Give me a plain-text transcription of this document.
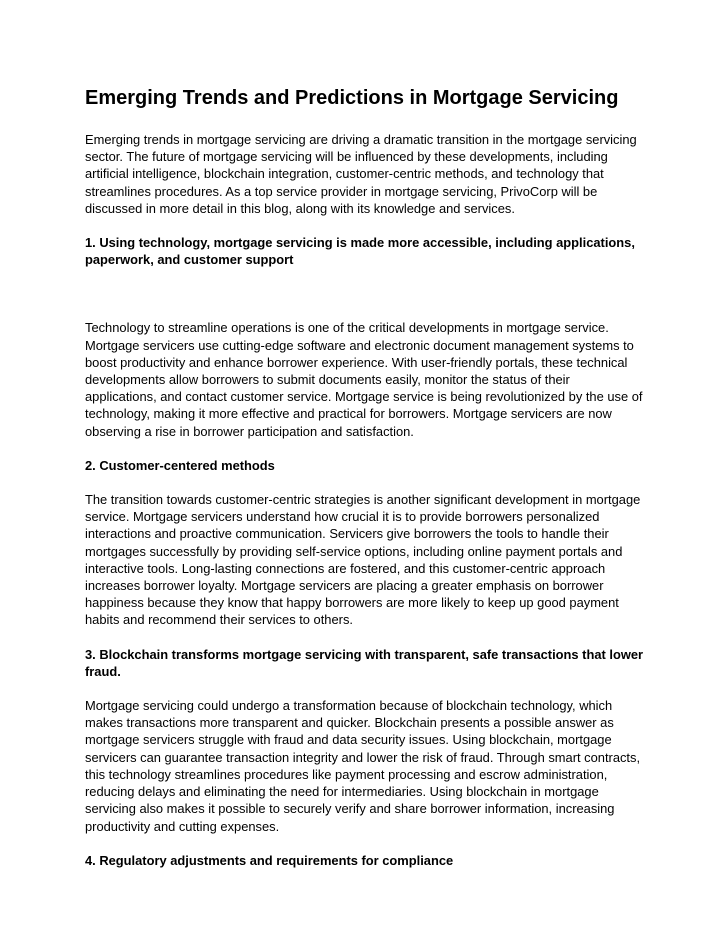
Emerging Trends and Predictions in Mortgage Servicing

Emerging trends in mortgage servicing are driving a dramatic transition in the mortgage servicing sector. The future of mortgage servicing will be influenced by these developments, including artificial intelligence, blockchain integration, customer-centric methods, and technology that streamlines procedures. As a top service provider in mortgage servicing, PrivoCorp will be discussed in more detail in this blog, along with its knowledge and services.

1. Using technology, mortgage servicing is made more accessible, including applications, paperwork, and customer support

Technology to streamline operations is one of the critical developments in mortgage service. Mortgage servicers use cutting-edge software and electronic document management systems to boost productivity and enhance borrower experience. With user-friendly portals, these technical developments allow borrowers to submit documents easily, monitor the status of their applications, and contact customer service. Mortgage service is being revolutionized by the use of technology, making it more effective and practical for borrowers. Mortgage servicers are now observing a rise in borrower participation and satisfaction.

2. Customer-centered methods

The transition towards customer-centric strategies is another significant development in mortgage service. Mortgage servicers understand how crucial it is to provide borrowers personalized interactions and proactive communication. Servicers give borrowers the tools to handle their mortgages successfully by providing self-service options, including online payment portals and interactive tools. Long-lasting connections are fostered, and this customer-centric approach increases borrower loyalty. Mortgage servicers are placing a greater emphasis on borrower happiness because they know that happy borrowers are more likely to keep up good payment habits and recommend their services to others.

3. Blockchain transforms mortgage servicing with transparent, safe transactions that lower fraud.

Mortgage servicing could undergo a transformation because of blockchain technology, which makes transactions more transparent and quicker. Blockchain presents a possible answer as mortgage servicers struggle with fraud and data security issues. Using blockchain, mortgage servicers can guarantee transaction integrity and lower the risk of fraud. Through smart contracts, this technology streamlines procedures like payment processing and escrow administration, reducing delays and eliminating the need for intermediaries. Using blockchain in mortgage servicing also makes it possible to securely verify and share borrower information, increasing productivity and cutting expenses.

4. Regulatory adjustments and requirements for compliance
